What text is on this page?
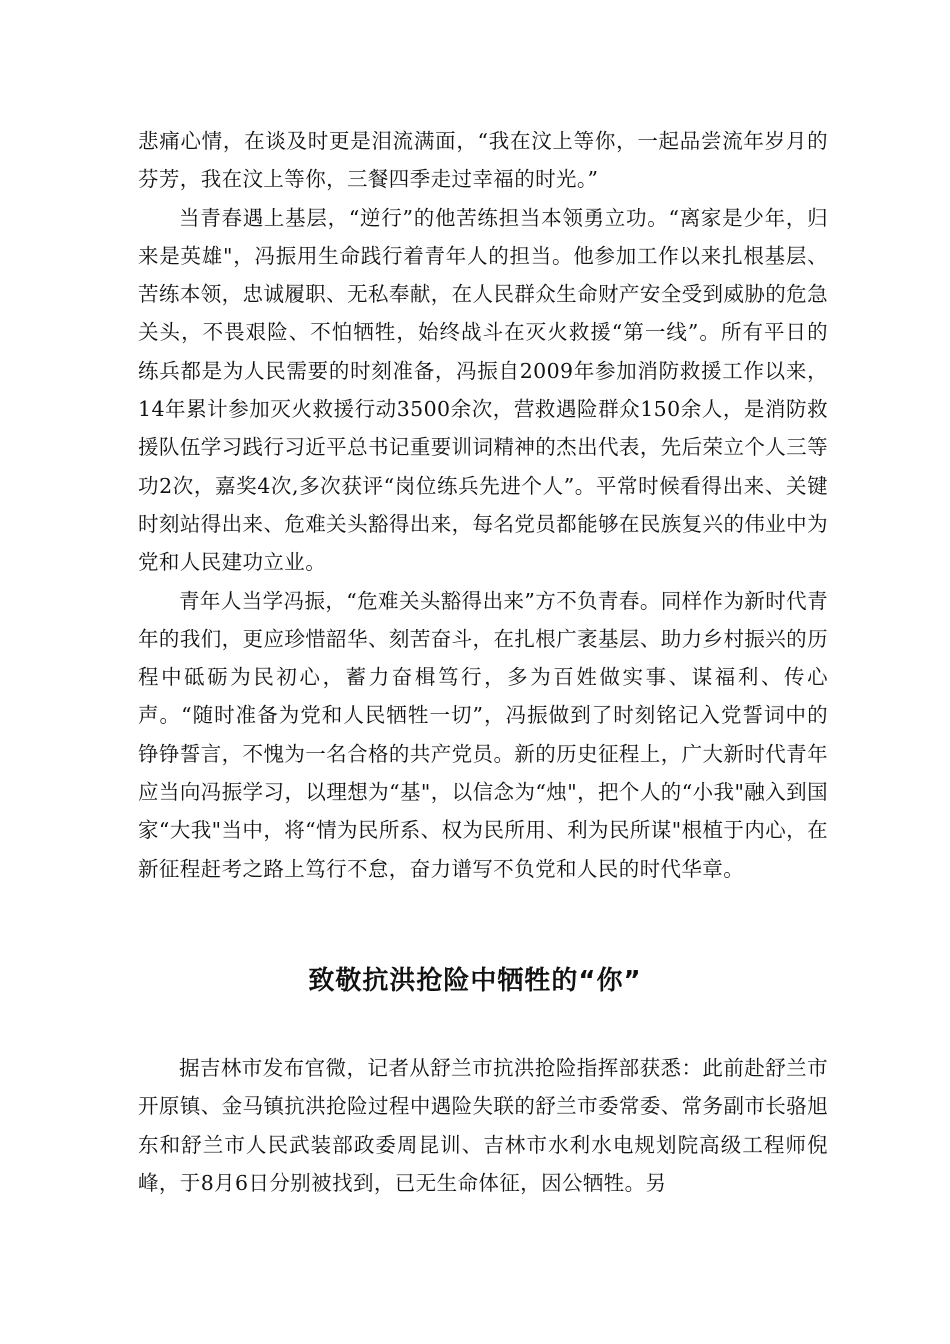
悲痛心情，在谈及时更是泪流满面，“我在汶上等你，一起品尝流年岁月的芬芳，我在汶上等你，三餐四季走过幸福的时光。”

当青春遇上基层，“逆行”的他苦练担当本领勇立功。“离家是少年，归来是英雄"，冯振用生命践行着青年人的担当。他参加工作以来扎根基层、苦练本领，忠诚履职、无私奉献，在人民群众生命财产安全受到威胁的危急关头，不畏艰险、不怕牺牲，始终战斗在灭火救援“第一线”。所有平日的练兵都是为人民需要的时刻准备，冯振自2009年参加消防救援工作以来，14年累计参加灭火救援行动3500余次，营救遇险群众150余人，是消防救援队伍学习践行习近平总书记重要训词精神的杰出代表，先后荣立个人三等功2次，嘉奖4次,多次获评“岗位练兵先进个人”。平常时候看得出来、关键时刻站得出来、危难关头豁得出来，每名党员都能够在民族复兴的伟业中为党和人民建功立业。

青年人当学冯振，“危难关头豁得出来”方不负青春。同样作为新时代青年的我们，更应珍惜韶华、刻苦奋斗，在扎根广袤基层、助力乡村振兴的历程中砥砺为民初心，蓄力奋楫笃行，多为百姓做实事、谋福利、传心声。“随时准备为党和人民牺牲一切”，冯振做到了时刻铭记入党誓词中的铮铮誓言，不愧为一名合格的共产党员。新的历史征程上，广大新时代青年应当向冯振学习，以理想为“基"，以信念为“烛"，把个人的“小我"融入到国家“大我"当中，将“情为民所系、权为民所用、利为民所谋"根植于内心，在新征程赶考之路上笃行不怠，奋力谱写不负党和人民的时代华章。

致敬抗洪抢险中牺牲的“你”

据吉林市发布官微，记者从舒兰市抗洪抢险指挥部获悉：此前赴舒兰市开原镇、金马镇抗洪抢险过程中遇险失联的舒兰市委常委、常务副市长骆旭东和舒兰市人民武装部政委周昆训、吉林市水利水电规划院高级工程师倪峰，于8月6日分别被找到，已无生命体征，因公牺牲。另
